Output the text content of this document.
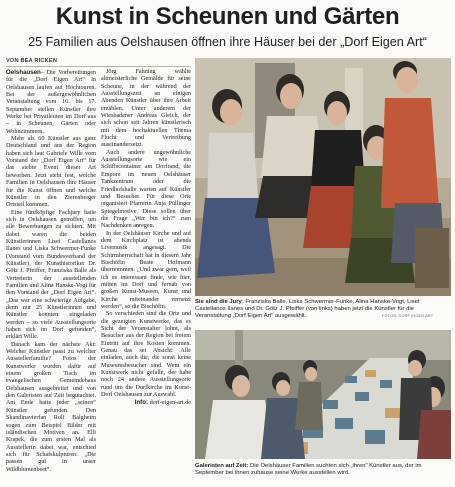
Kunst in Scheunen und Gärten
25 Familien aus Oelshausen öffnen ihre Häuser bei der „Dorf Eigen Art“
VON BEA RICKEN

Oelshausen– Die Vorbereitungen für die „Dorf Eigen Art“ in Oelshausen laufen auf Hochtouren. Bei der außergewöhnlichen Veranstaltung vom 16. bis 17. September stellen Künstler ihre Werke bei Privatleuten im Dorf aus – in Scheunen, Gärten oder Wohnzimmern.

Mehr als 60 Künstler aus ganz Deutschland und aus der Region haben sich laut Gabriele Wille vom Vorstand der „Dorf Eigen Art“ für das siebte Event dieser Art beworben. Jetzt steht fest, welche Familien in Oelshausen ihre Häuser für die Kunst öffnen und welche Künstler in den Zierenberger Ortsteil kommen.

Eine fünfköpfige Fachjury hatte sich in Oelshausen getroffen, um alle Bewerbungen zu sichten. Mit dabei waren die beiden Künstlerinnen Liset Castellanos Ilanes und Liska Schwermer-Funke (Vorstand vom Bundesverband der Künstler), der Kunsthistoriker Dr. Götz J. Pfeiffer, Franziska Balle als Vertreterin der ausstellenden Familien und Alina Hanske-Vogt für den Vorstand der „Dorf Eigen Art“. „Das war eine schwierige Aufgabe, denn nur 25 Künstlerinnen und Künstler konnten eingeladen werden – so viele Ausstellungsorte haben sich im Dorf gefunden“, erklärt Wille.

Danach kam der nächste Akt: Welcher Künstler passt zu welcher Ausstellerfamilie? Fotos der Kunstwerke wurden dafür auf einem großen Tisch im evangelischen Gemeindehaus Oelshausen ausgebreitet und von den Galeristen auf Zeit begutachtet. Am Ende hatte jeder „seinen“ Künstler gefunden. Den Skandinavierfan Rolf Balgheim sogen zum Beispiel Bilder mit isländischen Motiven an. Elli Krapek, die zum ersten Mal als Ausstellerin dabei war, entschied sich für Schafskulpturen: „Die passen gut in unser Wildblumenbeet“.

Jörg Fahning wählte altmeisterliche Gemälde für seine Scheune, in der während der Ausstellungszeit an einigen Abenden Künstler über ihre Arbeit erzählen. Unter anderem der Wiesbadener Andreas Gleich, der sich schon seit Jahren künstlerisch mit dem hochaktuellen Thema Flucht und Vertreibung auseinandersetzt.

Auch andere ungewöhnliche Ausstellungsorte wie ein Schiffscontainer am Dorfrand, die Empore im neuen Oelshäuser Tankzentrum oder die Friedhofshalle warten auf Künstler und Besucher. Für diese Orte organisiert Pfarrerin Anja Püllinger Spiegelmotive. Diese sollen über die Frage „Wer bin ich?“ zum Nachdenken anregen.

In der Oelshäuser Kirche und auf dem Kirchplatz ist abends Livemusik angesagt. Die Schirmherrschaft hat in diesem Jahr Bischöfin Beate Hofmann übernommen. „Und zwar gern, weil ich es interessant finde, wie hier, mitten im Dorf und fernab von großen Kunst-Museen, Kunst und Kirche miteinander vernetzt werden“, so die Bischöfin.

So verschieden sind die Orte und die gezeigten Kunstwerke, das es Sicht der Veranstalter lohnt, als Besucher aus der Region bei freiem Eintritt auf ihre Kosten kommen. Genau das sei Absicht: Alle einladen, auch die, die sonst keine Museumsbesucher sind. Wem ein Kunstwerk nicht gefalle, der habe noch 24 andere Ausstellungsorte rund um die Dorfkirche im Kunst-Dorf Oelshausen zur Auswahl.

Info: dorf-eigen-art.de

Sie sind die Jury: Franziska Balle, Liska Schwermer-Funke, Alina Hanske-Vogt, Liset Castellanos Ilanes und Dr. Götz J. Pfeiffer (von links) haben jetzt die Künstler für die Veranstaltung „Dorf Eigen Art“ ausgewählt.	FOTOS: DORF EIGEN ART
Galeristen auf Zeit: Die Oelshäuser Familien suchten sich „ihren“ Künstler aus, der im September bei ihnen zuhause seine Werke ausstellen wird.
